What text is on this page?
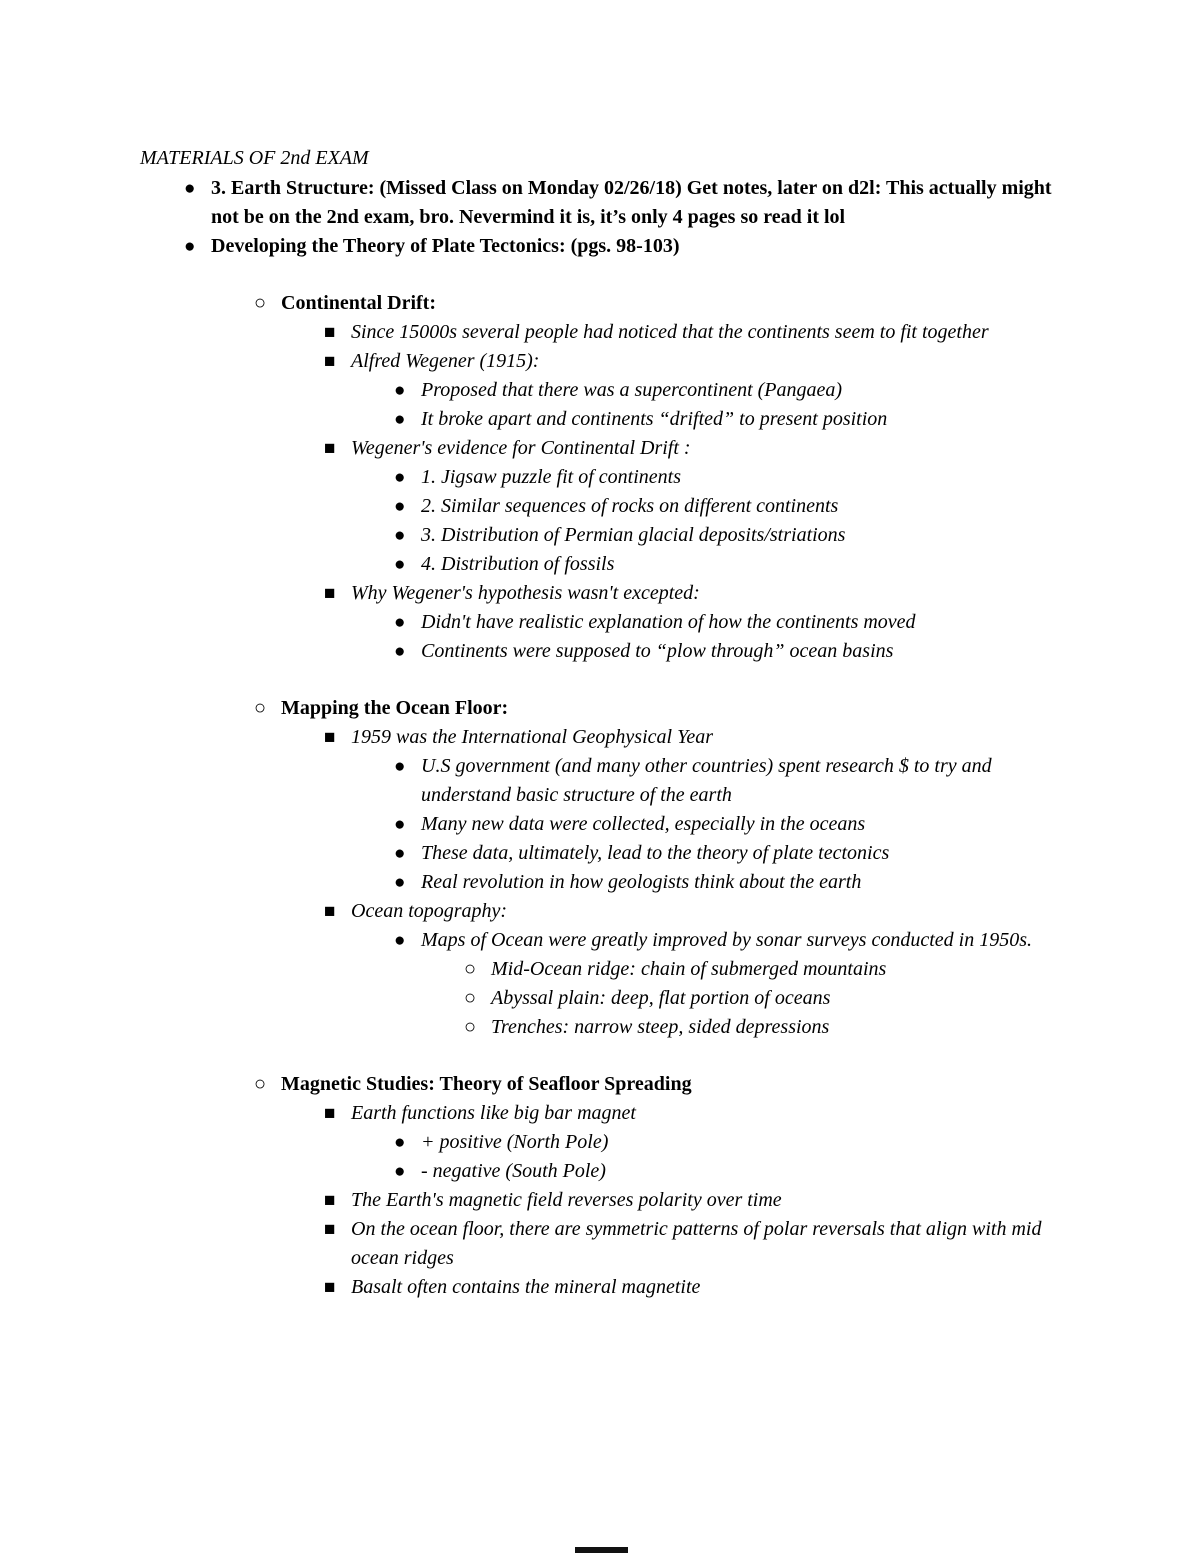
MATERIALS OF 2nd EXAM
● 3. Earth Structure: (Missed Class on Monday 02/26/18) Get notes, later on d2l: This actually might not be on the 2nd exam, bro. Nevermind it is, it’s only 4 pages so read it lol
● Developing the Theory of Plate Tectonics: (pgs. 98-103)
○ Continental Drift:
■ Since 15000s several people had noticed that the continents seem to fit together
■ Alfred Wegener (1915):
● Proposed that there was a supercontinent (Pangaea)
● It broke apart and continents “drifted” to present position
■ Wegener's evidence for Continental Drift :
● 1. Jigsaw puzzle fit of continents
● 2. Similar sequences of rocks on different continents
● 3. Distribution of Permian glacial deposits/striations
● 4. Distribution of fossils
■ Why Wegener's hypothesis wasn't excepted:
● Didn't have realistic explanation of how the continents moved
● Continents were supposed to “plow through” ocean basins
○ Mapping the Ocean Floor:
■ 1959 was the International Geophysical Year
● U.S government (and many other countries) spent research $ to try and understand basic structure of the earth
● Many new data were collected, especially in the oceans
● These data, ultimately, lead to the theory of plate tectonics
● Real revolution in how geologists think about the earth
■ Ocean topography:
● Maps of Ocean were greatly improved by sonar surveys conducted in 1950s.
○ Mid-Ocean ridge: chain of submerged mountains
○ Abyssal plain: deep, flat portion of oceans
○ Trenches: narrow steep, sided depressions
○ Magnetic Studies: Theory of Seafloor Spreading
■ Earth functions like big bar magnet
● + positive (North Pole)
● - negative (South Pole)
■ The Earth's magnetic field reverses polarity over time
■ On the ocean floor, there are symmetric patterns of polar reversals that align with mid ocean ridges
■ Basalt often contains the mineral magnetite
